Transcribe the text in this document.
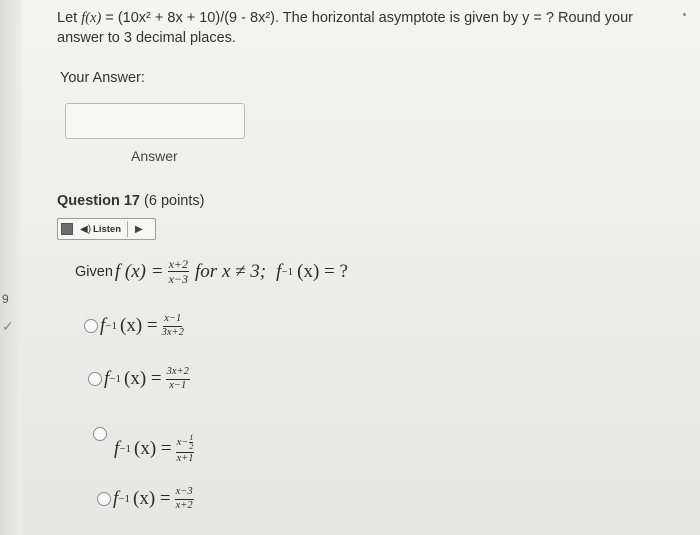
9
✓
Let f(x) = (10x² + 8x + 10)/(9 - 8x²). The horizontal asymptote is given by y = ? Round your answer to 3 decimal places.
Your Answer:
Answer
Question 17 (6 points)
◀) Listen ▶
Given f $(x) = \frac{x+2}{x-3}$ for x ≠ 3; f −1 (x) = ?
f −1 $(x) = \frac{x-1}{3x+2}$
f −1 $(x) = \frac{3x+2}{x-1}$
f −1 $(x) = \frac{x- \frac{1}{2}}{x+1}$
f −1 $(x) = \frac{x-3}{x+2}$
